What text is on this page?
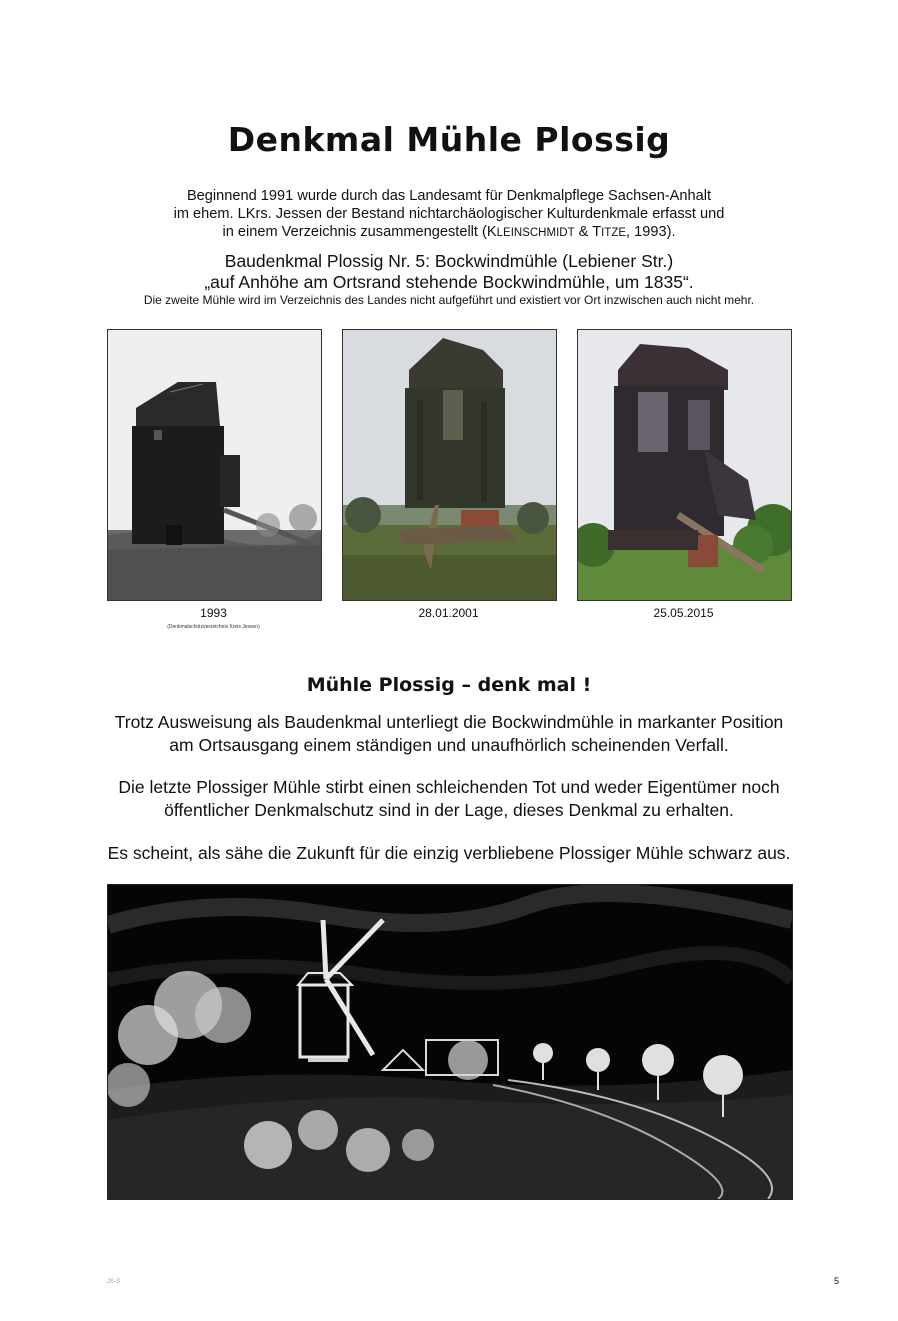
Denkmal Mühle Plossig
Beginnend 1991 wurde durch das Landesamt für Denkmalpflege Sachsen-Anhalt
im ehem. LKrs. Jessen der Bestand nichtarchäologischer Kulturdenkmale erfasst und
in einem Verzeichnis zusammengestellt (KLEINSCHMIDT & TITZE, 1993).
Baudenkmal Plossig Nr. 5: Bockwindmühle (Lebiener Str.)
„auf Anhöhe am Ortsrand stehende Bockwindmühle, um 1835“.
Die zweite Mühle wird im Verzeichnis des Landes nicht aufgeführt und existiert vor Ort inzwischen auch nicht mehr.
1993
(Denkmalschutzverzeichnis Kreis Jessen)
28.01.2001	25.05.2015
Mühle Plossig – denk mal !
Trotz Ausweisung als Baudenkmal unterliegt die Bockwindmühle in markanter Position
am Ortsausgang einem ständigen und unaufhörlich scheinenden Verfall.
Die letzte Plossiger Mühle stirbt einen schleichenden Tot und weder Eigentümer noch
öffentlicher Denkmalschutz sind in der Lage, dieses Denkmal zu erhalten.
Es scheint, als sähe die Zukunft für die einzig verbliebene Plossiger Mühle schwarz aus.
JS-S	5
